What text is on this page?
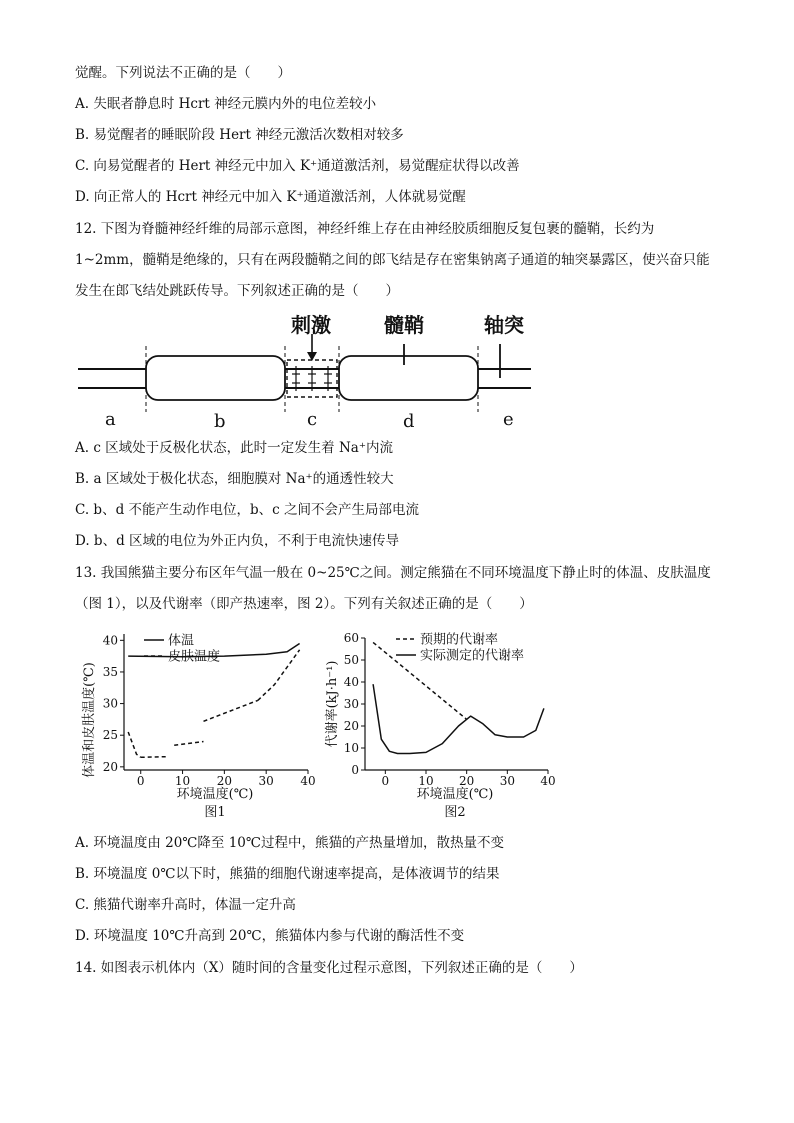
觉醒。下列说法不正确的是（　　）
A. 失眠者静息时 Hcrt 神经元膜内外的电位差较小
B. 易觉醒者的睡眠阶段 Hert 神经元激活次数相对较多
C. 向易觉醒者的 Hert 神经元中加入 K⁺通道激活剂，易觉醒症状得以改善
D. 向正常人的 Hcrt 神经元中加入 K⁺通道激活剂，人体就易觉醒
12. 下图为脊髓神经纤维的局部示意图，神经纤维上存在由神经胶质细胞反复包裹的髓鞘，长约为
1~2mm，髓鞘是绝缘的，只有在两段髓鞘之间的郎飞结是存在密集钠离子通道的轴突暴露区，使兴奋只能
发生在郎飞结处跳跃传导。下列叙述正确的是（　　）
刺激	髓鞘	轴突
a	b	c	d	e
A. c 区域处于反极化状态，此时一定发生着 Na⁺内流
B. a 区域处于极化状态，细胞膜对 Na⁺的通透性较大
C. b、d 不能产生动作电位，b、c 之间不会产生局部电流
D. b、d 区域的电位为外正内负，不利于电流快速传导
13. 我国熊猫主要分布区年气温一般在 0~25℃之间。测定熊猫在不同环境温度下静止时的体温、皮肤温度
（图 1），以及代谢率（即产热速率，图 2）。下列有关叙述正确的是（　　）
体温和皮肤温度(℃)
环境温度(℃)
图1
0	10 20 30 40
20
25
30
35
40	体温
皮肤温度
代谢率(kJ·h⁻¹)
环境温度(℃)
图2
0 10 20 30 40
0
10
20
30
40
50
60	预期的代谢率
实际测定的代谢率
A. 环境温度由 20℃降至 10℃过程中，熊猫的产热量增加，散热量不变
B. 环境温度 0℃以下时，熊猫的细胞代谢速率提高，是体液调节的结果
C. 熊猫代谢率升高时，体温一定升高
D. 环境温度 10℃升高到 20℃，熊猫体内参与代谢的酶活性不变
14. 如图表示机体内（X）随时间的含量变化过程示意图，下列叙述正确的是（　　）
